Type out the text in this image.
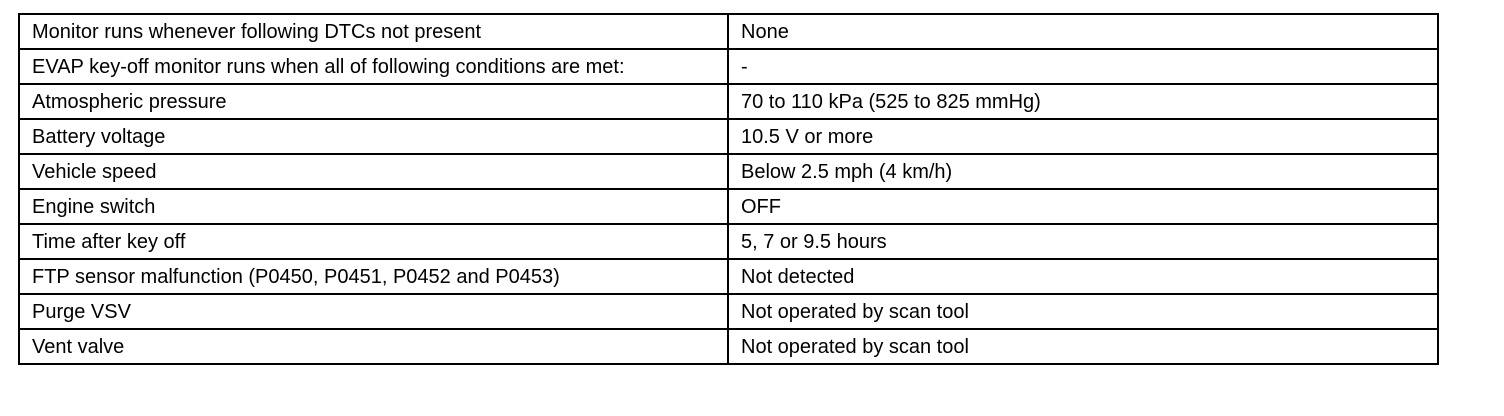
Monitor runs whenever following DTCs not present	None
EVAP key-off monitor runs when all of following conditions are met:	-
Atmospheric pressure	70 to 110 kPa (525 to 825 mmHg)
Battery voltage	10.5 V or more
Vehicle speed	Below 2.5 mph (4 km/h)
Engine switch	OFF
Time after key off	5, 7 or 9.5 hours
FTP sensor malfunction (P0450, P0451, P0452 and P0453)	Not detected
Purge VSV	Not operated by scan tool
Vent valve	Not operated by scan tool
